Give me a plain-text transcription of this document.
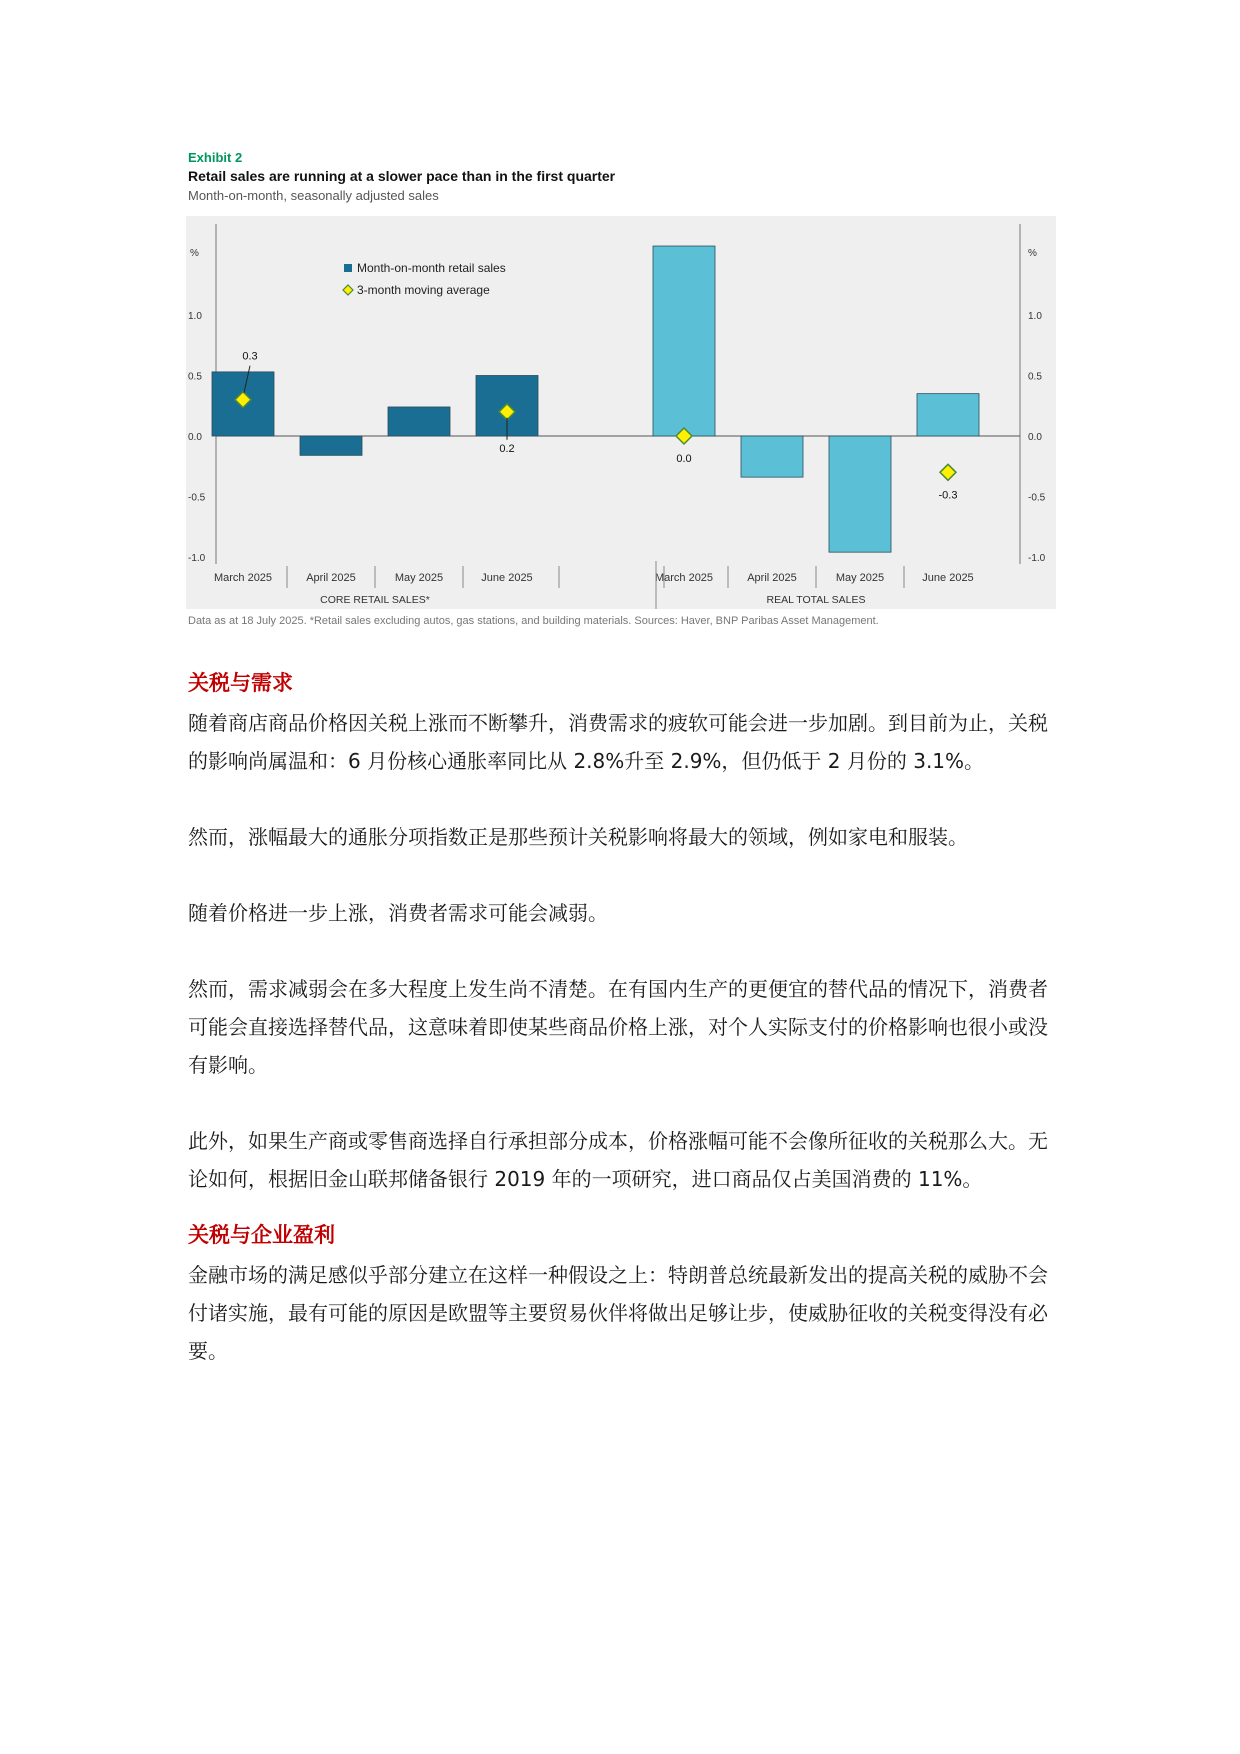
Exhibit 2
Retail sales are running at a slower pace than in the first quarter
Month-on-month, seasonally adjusted sales
%	%
1.0	1.0
0.5	0.5
0.0	0.0
-0.5	-0.5
-1.0	-1.0
March 2025
0.3
April 2025	May 2025	June 2025
0.2
CORE RETAIL SALES*
March 2025
0.0
April 2025	May 2025	June 2025
-0.3
REAL TOTAL SALES
Month-on-month retail sales
3-month moving average
Data as at 18 July 2025. *Retail sales excluding autos, gas stations, and building materials. Sources: Haver, BNP Paribas Asset Management.
关税与需求

随着商店商品价格因关税上涨而不断攀升，消费需求的疲软可能会进一步加剧。到目前为止，关税的影响尚属温和：6 月份核心通胀率同比从 2.8%升至 2.9%，但仍低于 2 月份的 3.1%。

然而，涨幅最大的通胀分项指数正是那些预计关税影响将最大的领域，例如家电和服装。

随着价格进一步上涨，消费者需求可能会减弱。

然而，需求减弱会在多大程度上发生尚不清楚。在有国内生产的更便宜的替代品的情况下，消费者可能会直接选择替代品，这意味着即使某些商品价格上涨，对个人实际支付的价格影响也很小或没有影响。

此外，如果生产商或零售商选择自行承担部分成本，价格涨幅可能不会像所征收的关税那么大。无论如何，根据旧金山联邦储备银行 2019 年的一项研究，进口商品仅占美国消费的 11%。

关税与企业盈利

金融市场的满足感似乎部分建立在这样一种假设之上：特朗普总统最新发出的提高关税的威胁不会付诸实施，最有可能的原因是欧盟等主要贸易伙伴将做出足够让步，使威胁征收的关税变得没有必要。
